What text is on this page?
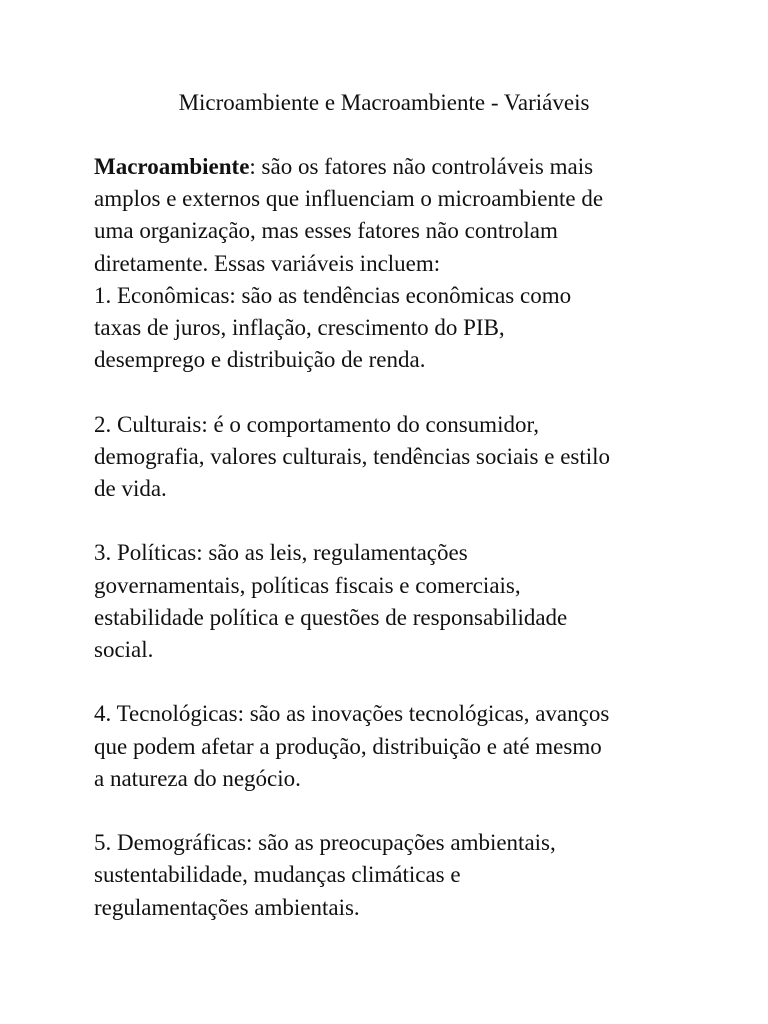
Microambiente e Macroambiente - Variáveis

Macroambiente: são os fatores não controláveis mais
amplos e externos que influenciam o microambiente de
uma organização, mas esses fatores não controlam
diretamente. Essas variáveis incluem:

1. Econômicas: são as tendências econômicas como
taxas de juros, inflação, crescimento do PIB,
desemprego e distribuição de renda.

2. Culturais: é o comportamento do consumidor,
demografia, valores culturais, tendências sociais e estilo
de vida.

3. Políticas: são as leis, regulamentações
governamentais, políticas fiscais e comerciais,
estabilidade política e questões de responsabilidade
social.

4. Tecnológicas: são as inovações tecnológicas, avanços
que podem afetar a produção, distribuição e até mesmo
a natureza do negócio.

5. Demográficas: são as preocupações ambientais,
sustentabilidade, mudanças climáticas e
regulamentações ambientais.
